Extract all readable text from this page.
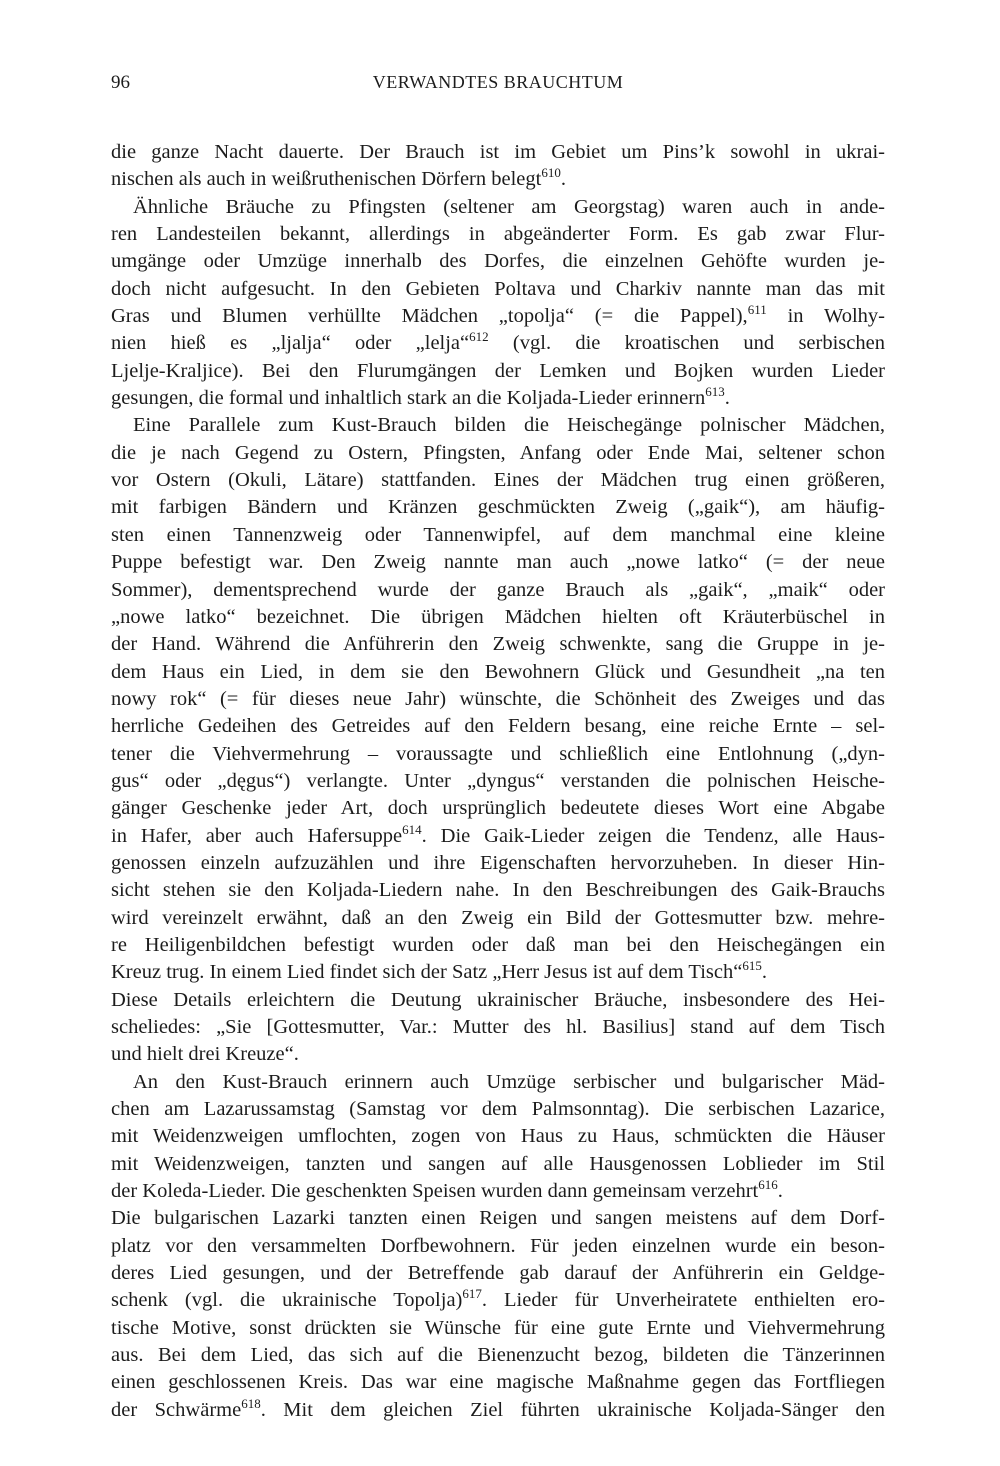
96	VERWANDTES BRAUCHTUM
die ganze Nacht dauerte. Der Brauch ist im Gebiet um Pins’k sowohl in ukrai-
nischen als auch in weißruthenischen Dörfern belegt$^{610}$.
Ähnliche Bräuche zu Pfingsten (seltener am Georgstag) waren auch in ande-
ren Landesteilen bekannt, allerdings in abgeänderter Form. Es gab zwar Flur-
umgänge oder Umzüge innerhalb des Dorfes, die einzelnen Gehöfte wurden je-
doch nicht aufgesucht. In den Gebieten Poltava und Charkiv nannte man das mit
Gras und Blumen verhüllte Mädchen „topolja“ (= die Pappel),$^{611}$ in Wolhy-
nien hieß es „ljalja“ oder „lelja“$^{612}$ (vgl. die kroatischen und serbischen
Ljelje-Kraljice). Bei den Flurumgängen der Lemken und Bojken wurden Lieder
gesungen, die formal und inhaltlich stark an die Koljada-Lieder erinnern$^{613}$.
Eine Parallele zum Kust-Brauch bilden die Heischegänge polnischer Mädchen,
die je nach Gegend zu Ostern, Pfingsten, Anfang oder Ende Mai, seltener schon
vor Ostern (Okuli, Lätare) stattfanden. Eines der Mädchen trug einen größeren,
mit farbigen Bändern und Kränzen geschmückten Zweig („gaik“), am häufig-
sten einen Tannenzweig oder Tannenwipfel, auf dem manchmal eine kleine
Puppe befestigt war. Den Zweig nannte man auch „nowe latko“ (= der neue
Sommer), dementsprechend wurde der ganze Brauch als „gaik“, „maik“ oder
„nowe latko“ bezeichnet. Die übrigen Mädchen hielten oft Kräuterbüschel in
der Hand. Während die Anführerin den Zweig schwenkte, sang die Gruppe in je-
dem Haus ein Lied, in dem sie den Bewohnern Glück und Gesundheit „na ten
nowy rok“ (= für dieses neue Jahr) wünschte, die Schönheit des Zweiges und das
herrliche Gedeihen des Getreides auf den Feldern besang, eine reiche Ernte – sel-
tener die Viehvermehrung – voraussagte und schließlich eine Entlohnung („dyn-
gus“ oder „dęgus“) verlangte. Unter „dyngus“ verstanden die polnischen Heische-
gänger Geschenke jeder Art, doch ursprünglich bedeutete dieses Wort eine Abgabe
in Hafer, aber auch Hafersuppe$^{614}$. Die Gaik-Lieder zeigen die Tendenz, alle Haus-
genossen einzeln aufzuzählen und ihre Eigenschaften hervorzuheben. In dieser Hin-
sicht stehen sie den Koljada-Liedern nahe. In den Beschreibungen des Gaik-Brauchs
wird vereinzelt erwähnt, daß an den Zweig ein Bild der Gottesmutter bzw. mehre-
re Heiligenbildchen befestigt wurden oder daß man bei den Heischegängen ein
Kreuz trug. In einem Lied findet sich der Satz „Herr Jesus ist auf dem Tisch“$^{615}$.
Diese Details erleichtern die Deutung ukrainischer Bräuche, insbesondere des Hei-
scheliedes: „Sie [Gottesmutter, Var.: Mutter des hl. Basilius] stand auf dem Tisch
und hielt drei Kreuze“.
An den Kust-Brauch erinnern auch Umzüge serbischer und bulgarischer Mäd-
chen am Lazarussamstag (Samstag vor dem Palmsonntag). Die serbischen Lazarice,
mit Weidenzweigen umflochten, zogen von Haus zu Haus, schmückten die Häuser
mit Weidenzweigen, tanzten und sangen auf alle Hausgenossen Loblieder im Stil
der Koleda-Lieder. Die geschenkten Speisen wurden dann gemeinsam verzehrt$^{616}$.
Die bulgarischen Lazarki tanzten einen Reigen und sangen meistens auf dem Dorf-
platz vor den versammelten Dorfbewohnern. Für jeden einzelnen wurde ein beson-
deres Lied gesungen, und der Betreffende gab darauf der Anführerin ein Geldge-
schenk (vgl. die ukrainische Topolja)$^{617}$. Lieder für Unverheiratete enthielten ero-
tische Motive, sonst drückten sie Wünsche für eine gute Ernte und Viehvermehrung
aus. Bei dem Lied, das sich auf die Bienenzucht bezog, bildeten die Tänzerinnen
einen geschlossenen Kreis. Das war eine magische Maßnahme gegen das Fortfliegen
der Schwärme$^{618}$. Mit dem gleichen Ziel führten ukrainische Koljada-Sänger den
